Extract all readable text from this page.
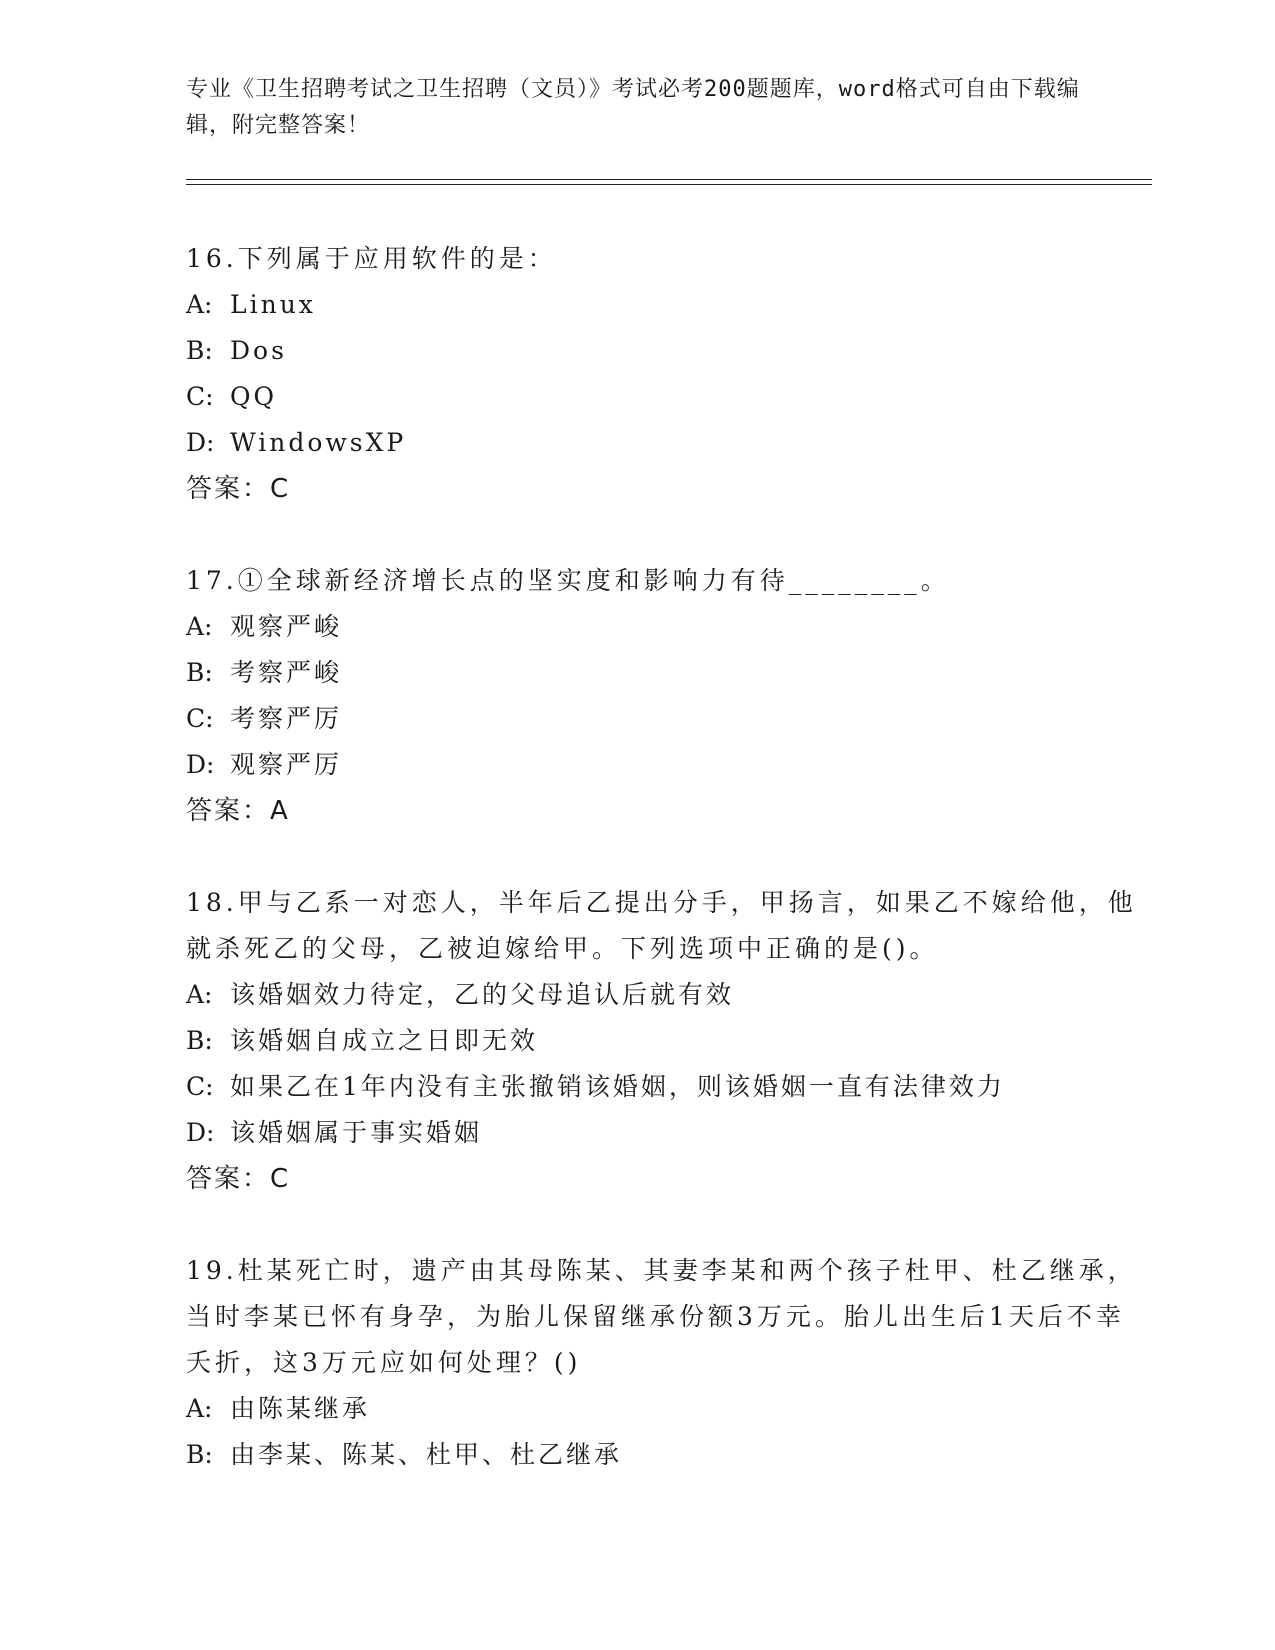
专业《卫生招聘考试之卫生招聘（文员）》考试必考200题题库，word格式可自由下载编辑，附完整答案！

16.下列属于应用软件的是：

A: Linux

B: Dos

C: QQ

D: WindowsXP

答案：C

17.①全球新经济增长点的坚实度和影响力有待________。

A: 观察严峻

B: 考察严峻

C: 考察严厉

D: 观察严厉

答案：A

18.甲与乙系一对恋人，半年后乙提出分手，甲扬言，如果乙不嫁给他，他就杀死乙的父母，乙被迫嫁给甲。下列选项中正确的是()。

A: 该婚姻效力待定，乙的父母追认后就有效

B: 该婚姻自成立之日即无效

C: 如果乙在1年内没有主张撤销该婚姻，则该婚姻一直有法律效力

D: 该婚姻属于事实婚姻

答案：C

19.杜某死亡时，遗产由其母陈某、其妻李某和两个孩子杜甲、杜乙继承，当时李某已怀有身孕，为胎儿保留继承份额3万元。胎儿出生后1天后不幸夭折，这3万元应如何处理？()

A: 由陈某继承

B: 由李某、陈某、杜甲、杜乙继承
